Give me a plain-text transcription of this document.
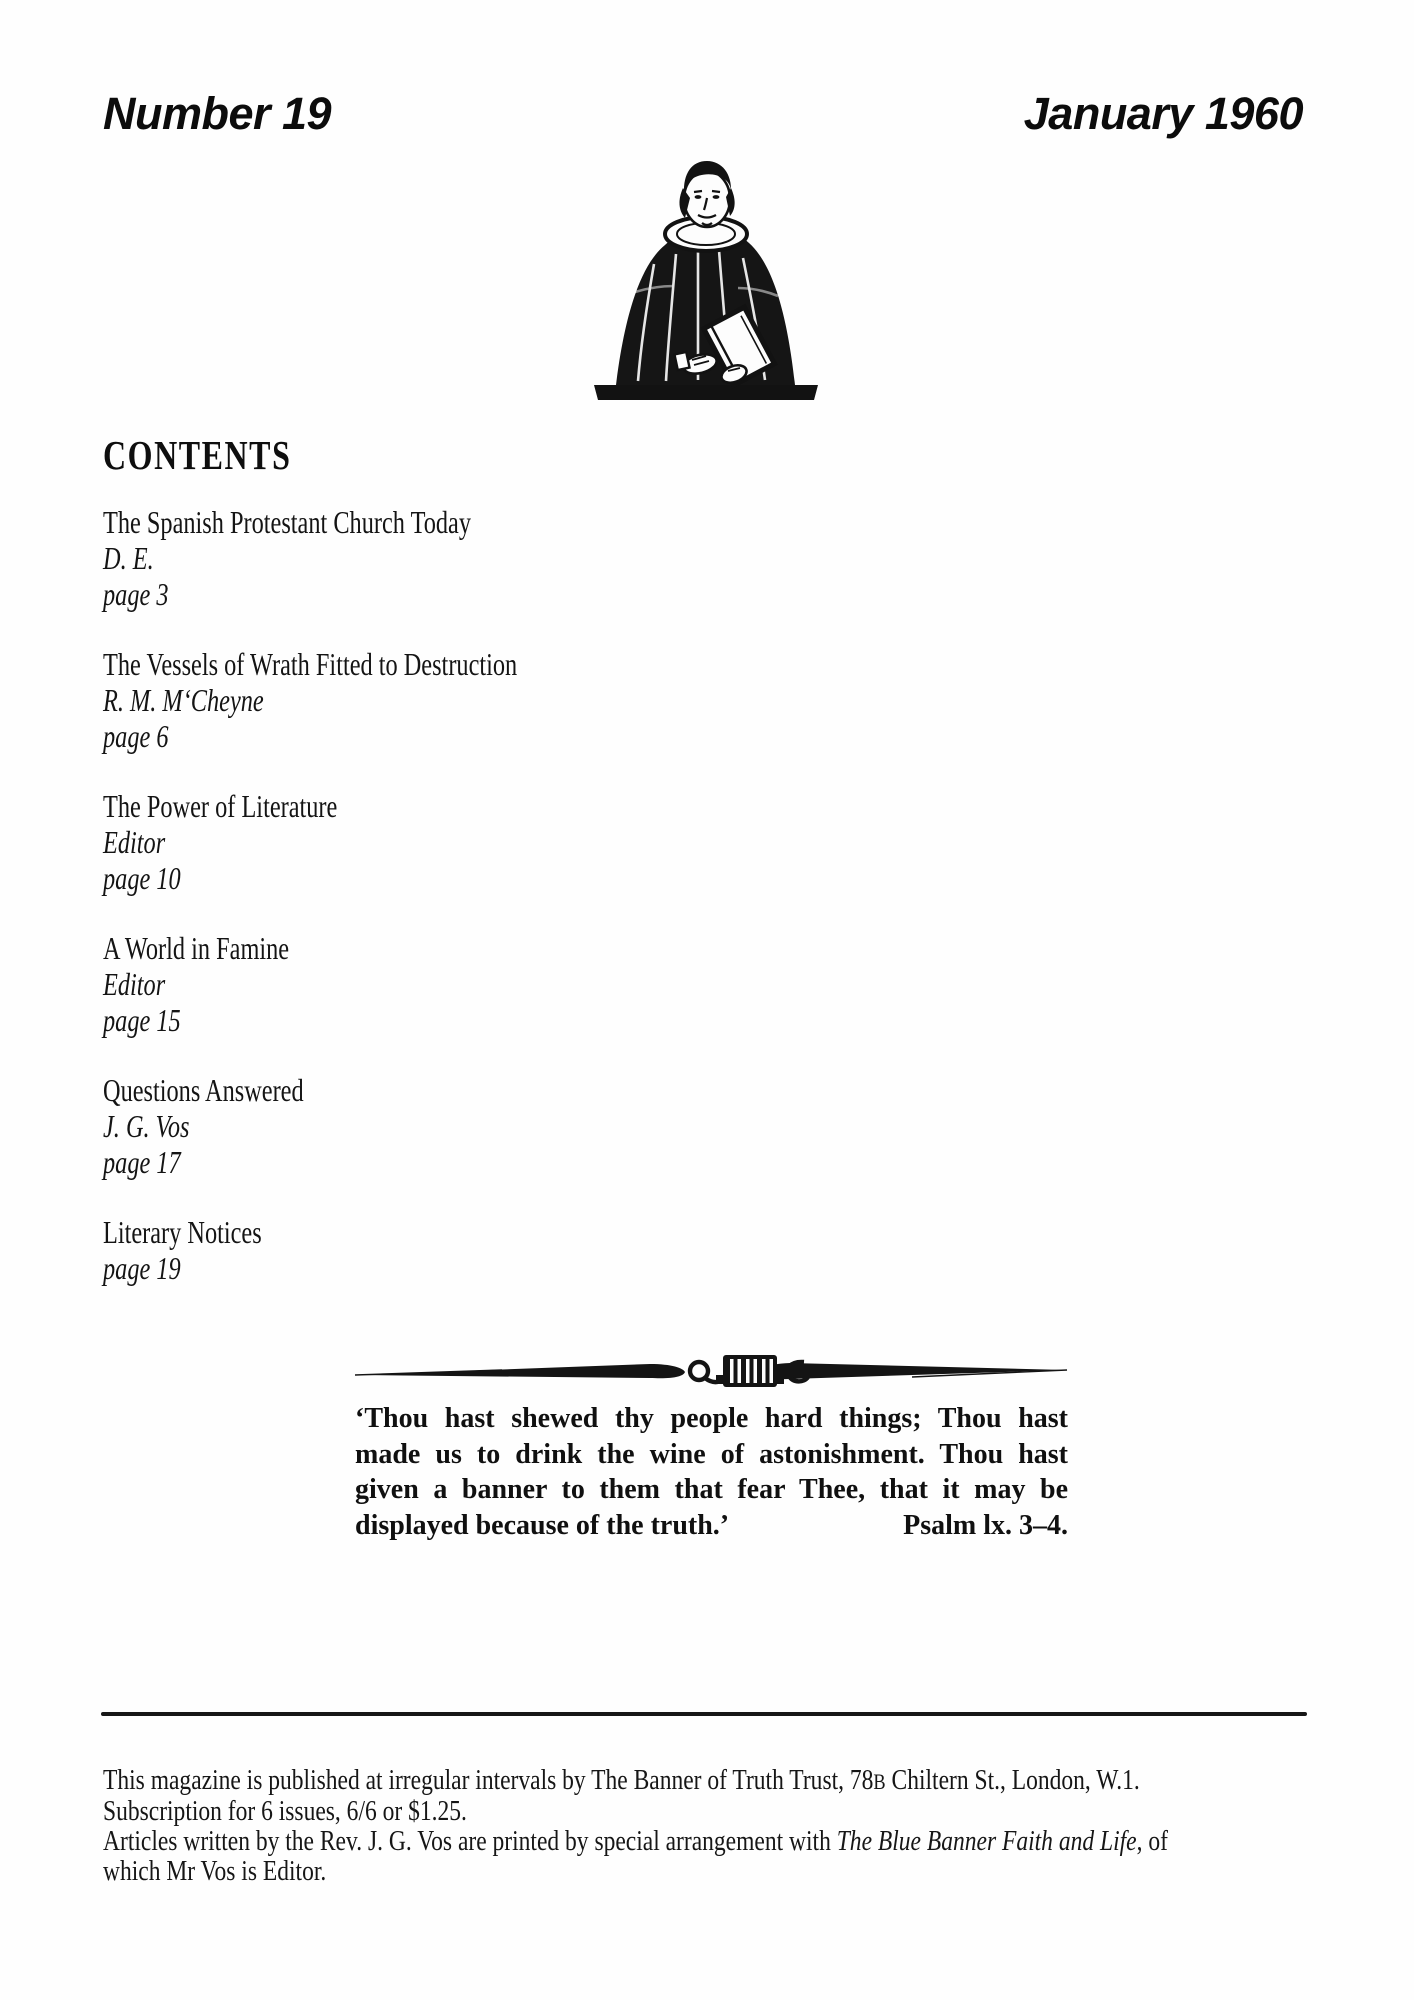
Number 19	January 1960
CONTENTS
The Spanish Protestant Church Today
D. E.
page 3
The Vessels of Wrath Fitted to Destruction
R. M. M‘Cheyne
page 6
The Power of Literature
Editor
page 10
A World in Famine
Editor
page 15
Questions Answered
J. G. Vos
page 17
Literary Notices
page 19
‘Thou hast shewed thy people hard things; Thou hast
made us to drink the wine of astonishment. Thou hast
given a banner to them that fear Thee, that it may be
displayed because of the truth.’	Psalm lx. 3–4.
This magazine is published at irregular intervals by The Banner of Truth Trust, 78B Chiltern St., London, W.1.
Subscription for 6 issues, 6/6 or $1.25.
Articles written by the Rev. J. G. Vos are printed by special arrangement with The Blue Banner Faith and Life, of
which Mr Vos is Editor.
